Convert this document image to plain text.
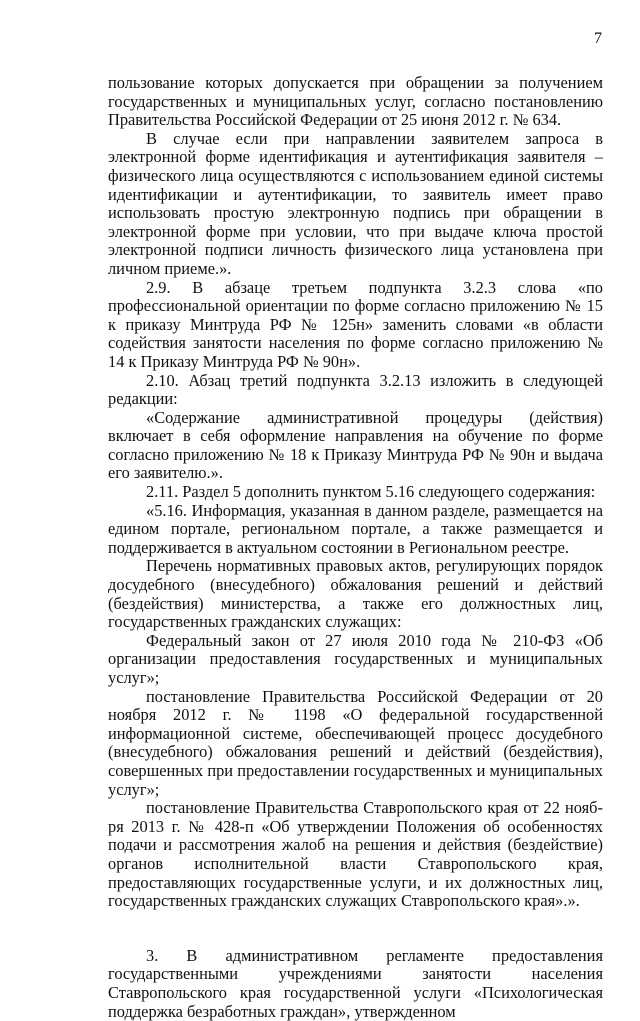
7

пользование которых допускается при обращении за получением государственных и муниципальных услуг, согласно постановлению Правительства Российской Федерации от 25 июня 2012 г. № 634.

В случае если при направлении заявителем запроса в электронной форме идентификация и аутентификация заявителя – физического лица осуществляются с использованием единой системы идентификации и аутентификации, то заявитель имеет право использовать простую электронную подпись при обращении в электронной форме при условии, что при выдаче ключа простой электронной подписи личность физического лица установлена при личном приеме.».

2.9. В абзаце третьем подпункта 3.2.3 слова «по профессиональной ориентации по форме согласно приложению № 15 к приказу Минтруда РФ № 125н» заменить словами «в области содействия занятости населения по форме согласно приложению № 14 к Приказу Минтруда РФ № 90н».

2.10. Абзац третий подпункта 3.2.13 изложить в следующей редакции:

«Содержание административной процедуры (действия) включает в себя оформление направления на обучение по форме согласно приложению № 18 к Приказу Минтруда РФ № 90н и выдача его заявителю.».

2.11. Раздел 5 дополнить пунктом 5.16 следующего содержания:

«5.16. Информация, указанная в данном разделе, размещается на едином портале, региональном портале, а также размещается и поддерживается в актуальном состоянии в Региональном реестре.

Перечень нормативных правовых актов, регулирующих порядок досудебного (внесудебного) обжалования решений и действий (бездействия) министерства, а также его должностных лиц, государственных гражданских служащих:

Федеральный закон от 27 июля 2010 года № 210-ФЗ «Об организации предоставления государственных и муниципальных услуг»;

постановление Правительства Российской Федерации от 20 ноября 2012 г. № 1198 «О федеральной государственной информационной системе, обеспечивающей процесс досудебного (внесудебного) обжалования решений и действий (бездействия), совершенных при предоставлении государственных и муниципальных услуг»;

постановление Правительства Ставропольского края от 22 ноября 2013 г. № 428-п «Об утверждении Положения об особенностях подачи и рассмотрения жалоб на решения и действия (бездействие) органов исполнительной власти Ставропольского края, предоставляющих государственные услуги, и их должностных лиц, государственных гражданских служащих Ставропольского края».».

3. В административном регламенте предоставления государственными учреждениями занятости населения Ставропольского края государственной услуги «Психологическая поддержка безработных граждан», утвержденном
